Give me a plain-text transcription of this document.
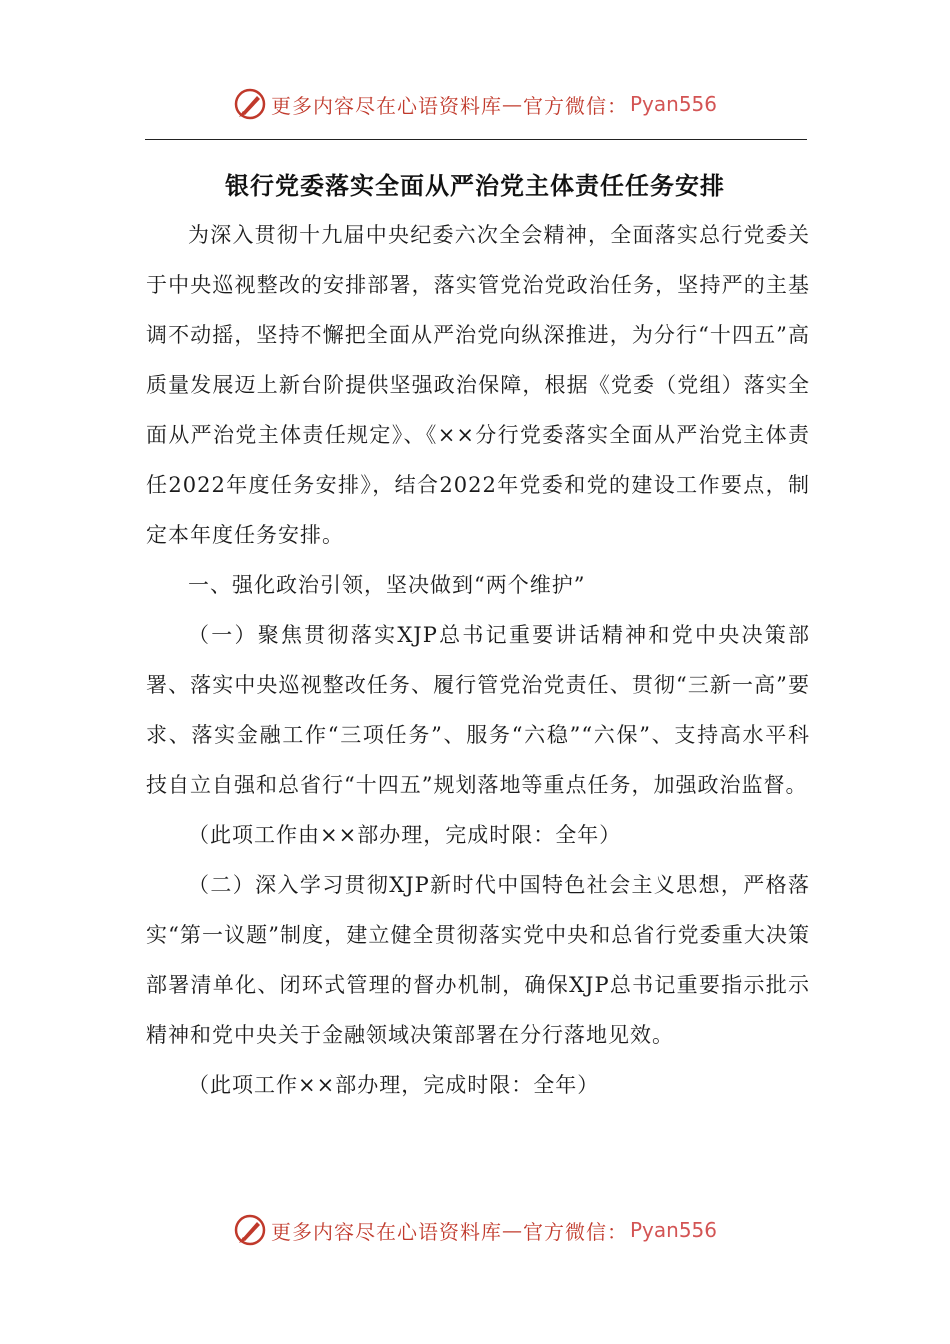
更多内容尽在心语资料库 — 官方微信： Pyan556
银行党委落实全面从严治党主体责任任务安排

为深入贯彻十九届中央纪委六次全会精神，全面落实总行党委关于中央巡视整改的安排部署，落实管党治党政治任务，坚持严的主基调不动摇，坚持不懈把全面从严治党向纵深推进，为分行“十四五”高质量发展迈上新台阶提供坚强政治保障，根据《党委（党组）落实全面从严治党主体责任规定》、《××分行党委落实全面从严治党主体责任2022年度任务安排》，结合2022年党委和党的建设工作要点，制定本年度任务安排。

一、强化政治引领，坚决做到“两个维护”

（一）聚焦贯彻落实XJP总书记重要讲话精神和党中央决策部署、落实中央巡视整改任务、履行管党治党责任、贯彻“三新一高”要求、落实金融工作“三项任务”、服务“六稳”“六保”、支持高水平科技自立自强和总省行“十四五”规划落地等重点任务，加强政治监督。

（此项工作由××部办理，完成时限：全年）

（二）深入学习贯彻XJP新时代中国特色社会主义思想，严格落实“第一议题”制度，建立健全贯彻落实党中央和总省行党委重大决策部署清单化、闭环式管理的督办机制，确保XJP总书记重要指示批示精神和党中央关于金融领域决策部署在分行落地见效。

（此项工作××部办理，完成时限：全年）

更多内容尽在心语资料库 — 官方微信： Pyan556
